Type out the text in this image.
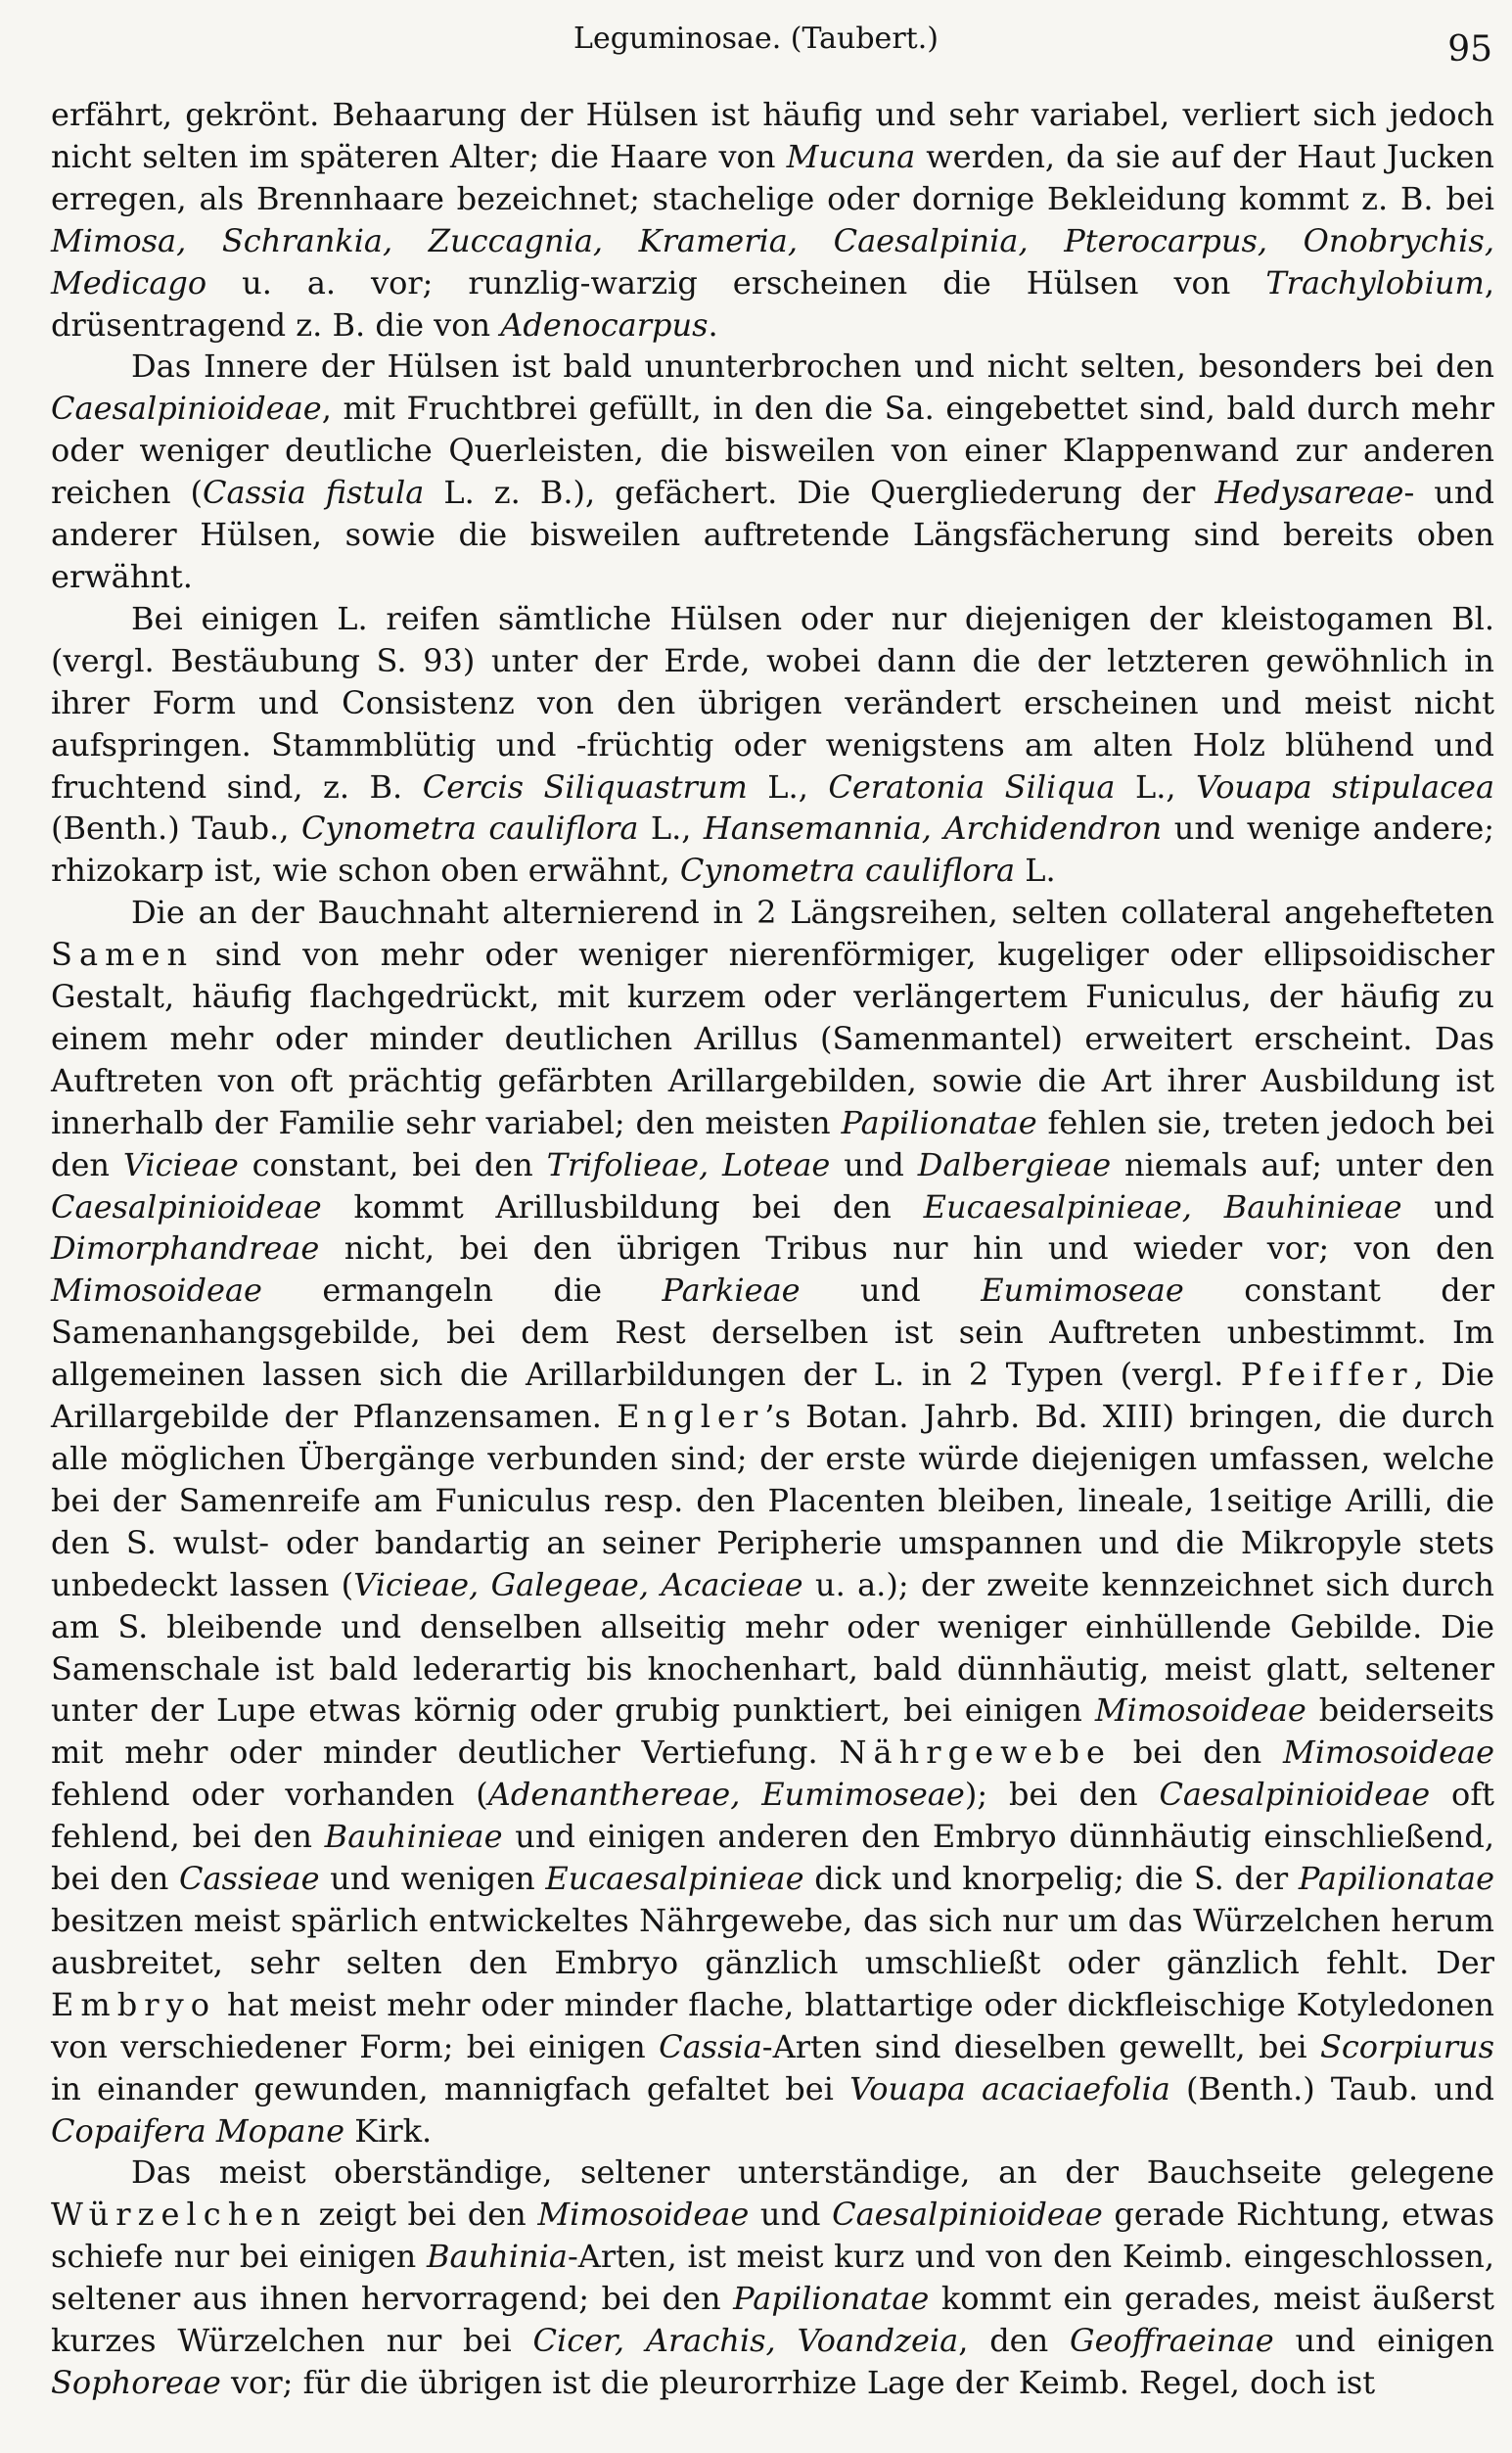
Leguminosae. (Taubert.)	95

erfährt, gekrönt. Behaarung der Hülsen ist häufig und sehr variabel, verliert sich jedoch nicht selten im späteren Alter; die Haare von Mucuna werden, da sie auf der Haut Jucken erregen, als Brennhaare bezeichnet; stachelige oder dornige Bekleidung kommt z. B. bei Mimosa, Schrankia, Zuccagnia, Krameria, Caesalpinia, Pterocarpus, Onobrychis, Medicago u. a. vor; runzlig-warzig erscheinen die Hülsen von Trachylobium, drüsentragend z. B. die von Adenocarpus.

Das Innere der Hülsen ist bald ununterbrochen und nicht selten, besonders bei den Caesalpinioideae, mit Fruchtbrei gefüllt, in den die Sa. eingebettet sind, bald durch mehr oder weniger deutliche Querleisten, die bisweilen von einer Klappenwand zur anderen reichen (Cassia fistula L. z. B.), gefächert. Die Quergliederung der Hedysareae- und anderer Hülsen, sowie die bisweilen auftretende Längsfächerung sind bereits oben erwähnt.

Bei einigen L. reifen sämtliche Hülsen oder nur diejenigen der kleistogamen Bl. (vergl. Bestäubung S. 93) unter der Erde, wobei dann die der letzteren gewöhnlich in ihrer Form und Consistenz von den übrigen verändert erscheinen und meist nicht aufspringen. Stammblütig und -früchtig oder wenigstens am alten Holz blühend und fruchtend sind, z. B. Cercis Siliquastrum L., Ceratonia Siliqua L., Vouapa stipulacea (Benth.) Taub., Cynometra cauliflora L., Hansemannia, Archidendron und wenige andere; rhizokarp ist, wie schon oben erwähnt, Cynometra cauliflora L.

Die an der Bauchnaht alternierend in 2 Längsreihen, selten collateral angehefteten Samen sind von mehr oder weniger nierenförmiger, kugeliger oder ellipsoidischer Gestalt, häufig flachgedrückt, mit kurzem oder verlängertem Funiculus, der häufig zu einem mehr oder minder deutlichen Arillus (Samenmantel) erweitert erscheint. Das Auftreten von oft prächtig gefärbten Arillargebilden, sowie die Art ihrer Ausbildung ist innerhalb der Familie sehr variabel; den meisten Papilionatae fehlen sie, treten jedoch bei den Vicieae constant, bei den Trifolieae, Loteae und Dalbergieae niemals auf; unter den Caesalpinioideae kommt Arillusbildung bei den Eucaesalpinieae, Bauhinieae und Dimorphandreae nicht, bei den übrigen Tribus nur hin und wieder vor; von den Mimosoideae ermangeln die Parkieae und Eumimoseae constant der Samenanhangsgebilde, bei dem Rest derselben ist sein Auftreten unbestimmt. Im allgemeinen lassen sich die Arillarbildungen der L. in 2 Typen (vergl. Pfeiffer, Die Arillargebilde der Pflanzensamen. Engler’s Botan. Jahrb. Bd. XIII) bringen, die durch alle möglichen Übergänge verbunden sind; der erste würde diejenigen umfassen, welche bei der Samenreife am Funiculus resp. den Placenten bleiben, lineale, 1seitige Arilli, die den S. wulst- oder bandartig an seiner Peripherie umspannen und die Mikropyle stets unbedeckt lassen (Vicieae, Galegeae, Acacieae u. a.); der zweite kennzeichnet sich durch am S. bleibende und denselben allseitig mehr oder weniger einhüllende Gebilde. Die Samenschale ist bald lederartig bis knochenhart, bald dünnhäutig, meist glatt, seltener unter der Lupe etwas körnig oder grubig punktiert, bei einigen Mimosoideae beiderseits mit mehr oder minder deutlicher Vertiefung. Nährgewebe bei den Mimosoideae fehlend oder vorhanden (Adenanthereae, Eumimoseae); bei den Caesalpinioideae oft fehlend, bei den Bauhinieae und einigen anderen den Embryo dünnhäutig einschließend, bei den Cassieae und wenigen Eucaesalpinieae dick und knorpelig; die S. der Papilionatae besitzen meist spärlich entwickeltes Nährgewebe, das sich nur um das Würzelchen herum ausbreitet, sehr selten den Embryo gänzlich umschließt oder gänzlich fehlt. Der Embryo hat meist mehr oder minder flache, blattartige oder dickfleischige Kotyledonen von verschiedener Form; bei einigen Cassia-Arten sind dieselben gewellt, bei Scorpiurus in einander gewunden, mannigfach gefaltet bei Vouapa acaciaefolia (Benth.) Taub. und Copaifera Mopane Kirk.

Das meist oberständige, seltener unterständige, an der Bauchseite gelegene Würzelchen zeigt bei den Mimosoideae und Caesalpinioideae gerade Richtung, etwas schiefe nur bei einigen Bauhinia-Arten, ist meist kurz und von den Keimb. eingeschlossen, seltener aus ihnen hervorragend; bei den Papilionatae kommt ein gerades, meist äußerst kurzes Würzelchen nur bei Cicer, Arachis, Voandzeia, den Geoffraeinae und einigen Sophoreae vor; für die übrigen ist die pleurorrhize Lage der Keimb. Regel, doch ist
